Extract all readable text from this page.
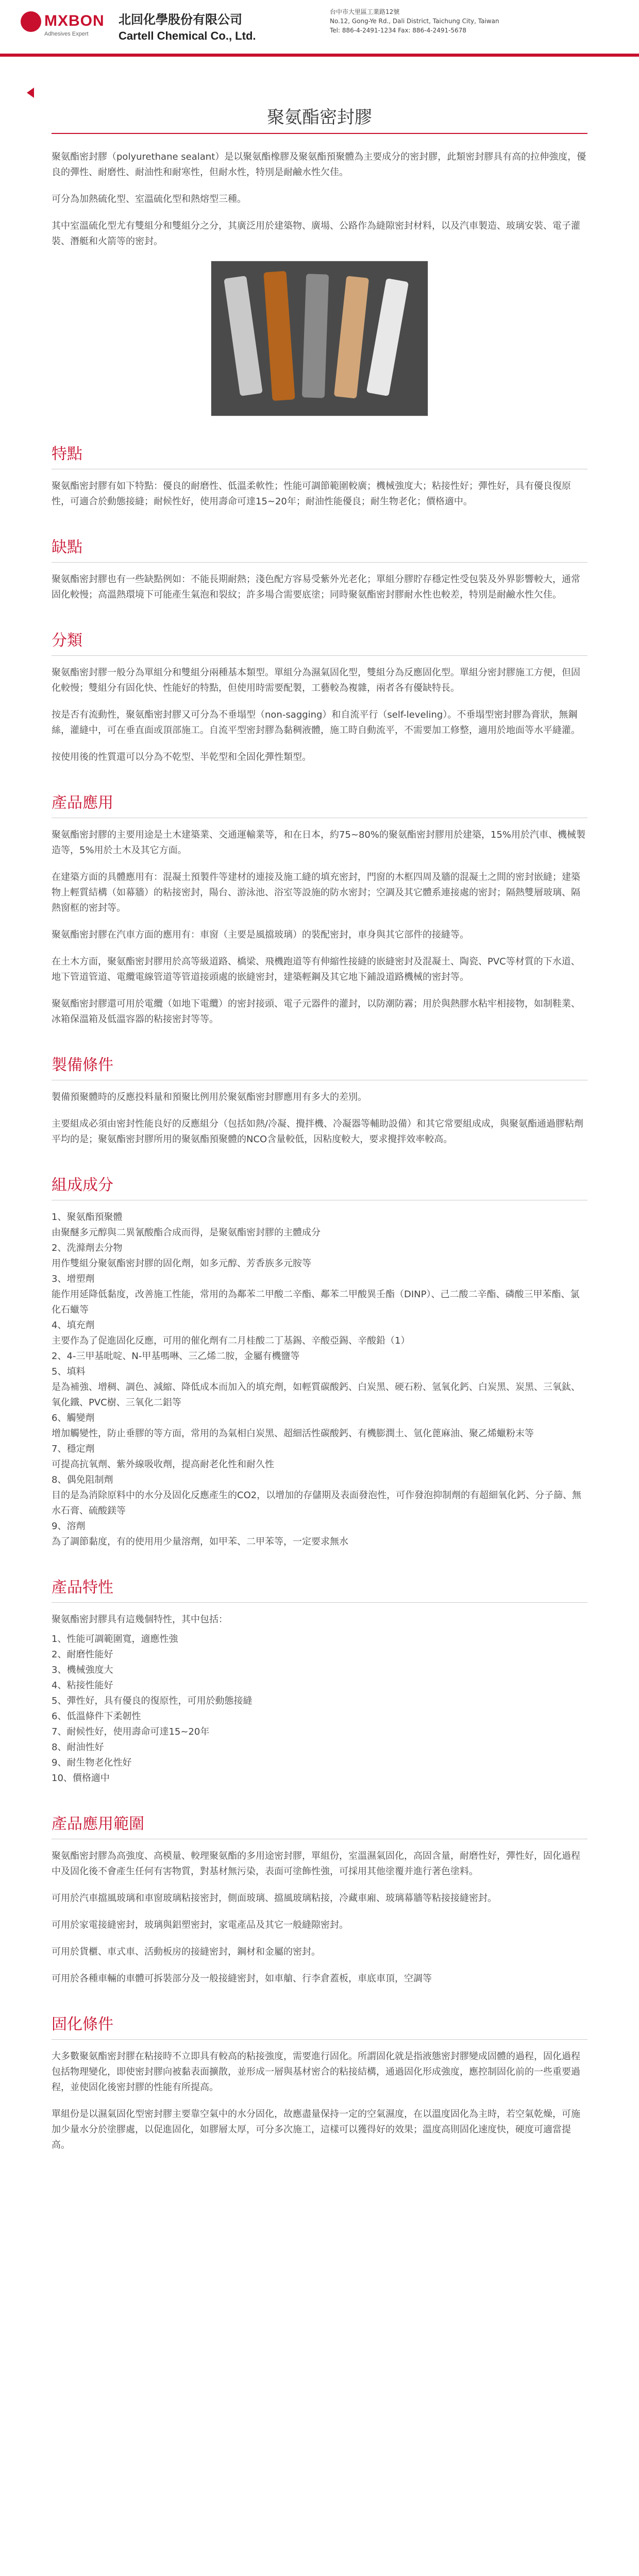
MXBON
Adhesives Expert
北回化學股份有限公司
Cartell Chemical Co., Ltd.
台中市大里區工業路12號
No.12, Gong-Ye Rd., Dali District, Taichung City, Taiwan
Tel: 886-4-2491-1234 Fax: 886-4-2491-5678
聚氨酯密封膠

聚氨酯密封膠（polyurethane sealant）是以聚氨酯橡膠及聚氨酯預聚體為主要成分的密封膠，此類密封膠具有高的拉伸強度，優良的彈性、耐磨性、耐油性和耐寒性，但耐水性，特別是耐鹼水性欠佳。

可分為加熱硫化型、室溫硫化型和熱熔型三種。

其中室溫硫化型尤有雙組分和雙組分之分，其廣泛用於建築物、廣場、公路作為縫隙密封材料，以及汽車製造、玻璃安裝、電子灌裝、潛艇和火箭等的密封。

特點

聚氨酯密封膠有如下特點：優良的耐磨性、低溫柔軟性；性能可調節範圍較廣；機械強度大；粘接性好；彈性好，具有優良復原性，可適合於動態接縫；耐候性好，使用壽命可達15~20年；耐油性能優良；耐生物老化；價格適中。

缺點

聚氨酯密封膠也有一些缺點例如：不能長期耐熱；淺色配方容易受紫外光老化；單組分膠貯存穩定性受包裝及外界影響較大，通常固化較慢；高溫熱環境下可能產生氣泡和裂紋；許多場合需要底塗；同時聚氨酯密封膠耐水性也較差，特別是耐鹼水性欠佳。

分類

聚氨酯密封膠一般分為單組分和雙組分兩種基本類型。單組分為濕氣固化型，雙組分為反應固化型。單組分密封膠施工方便，但固化較慢；雙組分有固化快、性能好的特點，但使用時需要配製，工藝較為複雜，兩者各有優缺特長。

按是否有流動性，聚氨酯密封膠又可分為不垂塌型（non-sagging）和自流平行（self-leveling）。不垂塌型密封膠為膏狀，無鋼絲，灌縫中，可在垂直面或頂部施工。自流平型密封膠為黏稠液體，施工時自動流平，不需要加工修整，適用於地面等水平縫灌。

按使用後的性質還可以分為不乾型、半乾型和全固化彈性類型。

產品應用

聚氨酯密封膠的主要用途是土木建築業、交通運輸業等，和在日本，約75~80%的聚氨酯密封膠用於建築，15%用於汽車、機械製造等，5%用於土木及其它方面。

在建築方面的具體應用有：混凝土預製件等建材的連接及施工縫的填充密封，門窗的木框四周及牆的混凝土之間的密封嵌縫；建築物上輕質結構（如幕牆）的粘接密封，陽台、游泳池、浴室等設施的防水密封；空調及其它體系連接處的密封；隔熱雙層玻璃、隔熱窗框的密封等。

聚氨酯密封膠在汽車方面的應用有：車窗（主要是風擋玻璃）的裝配密封，車身與其它部件的接縫等。

在土木方面，聚氨酯密封膠用於高等級道路、橋梁、飛機跑道等有伸縮性接縫的嵌縫密封及混凝土、陶瓷、PVC等材質的下水道、地下管道管道、電纜電線管道等管道接頭處的嵌縫密封，建築輕鋼及其它地下鋪設道路機械的密封等。

聚氨酯密封膠還可用於電纜（如地下電纜）的密封接頭、電子元器件的灌封，以防潮防霧；用於與熱膠水粘牢相接物，如制鞋業、冰箱保溫箱及低溫容器的粘接密封等等。

製備條件

製備預聚體時的反應投料量和預聚比例用於聚氨酯密封膠應用有多大的差別。

主要組成必須由密封性能良好的反應組分（包括如熱/冷凝、攪拌機、冷凝器等輔助設備）和其它常要組成成，與聚氨酯通過膠粘劑平均的是；聚氨酯密封膠所用的聚氨酯預聚體的NCO含量較低，因粘度較大，要求攪拌效率較高。

組成成分
1、聚氨酯預聚體
由聚醚多元醇與二異氰酸酯合成而得，是聚氨酯密封膠的主體成分
2、洗滌劑去分物
用作雙組分聚氨酯密封膠的固化劑，如多元醇、芳香族多元胺等
3、增塑劑
能作用延降低黏度，改善施工性能，常用的為鄰苯二甲酸二辛酯、鄰苯二甲酸異壬酯（DINP）、己二酸二辛酯、磷酸三甲苯酯、氯化石蠟等
4、填充劑
主要作為了促進固化反應，可用的催化劑有二月桂酸二丁基錫、辛酸亞錫、辛酸鉛（1）
2、4-三甲基吡啶、N-甲基嗎啉、三乙烯二胺，金屬有機鹽等
5、填料
是為補強、增稠、調色、減縮、降低成本而加入的填充劑，如輕質碳酸鈣、白炭黑、硬石粉、氫氧化鈣、白炭黑、炭黑、三氧鈦、氧化鐵、PVC樹、三氧化二鋁等
6、觸變劑
增加觸變性，防止垂膠的等方面，常用的為氣相白炭黑、超細活性碳酸鈣、有機膨潤土、氫化蓖麻油、聚乙烯蠟粉末等
7、穩定劑
可提高抗氧劑、紫外線吸收劑，提高耐老化性和耐久性
8、偶免阻制劑
目的是為消除原料中的水分及固化反應產生的CO2，以增加的存儲期及表面發泡性，可作發泡抑制劑的有超細氧化鈣、分子篩、無水石膏、硫酸鎂等
9、溶劑
為了調節黏度，有的使用用少量溶劑，如甲苯、二甲苯等，一定要求無水
產品特性

聚氨酯密封膠具有這幾個特性，其中包括：

1、性能可調範圍寬，適應性強
2、耐磨性能好
3、機械強度大
4、粘接性能好
5、彈性好，具有優良的復原性，可用於動態接縫
6、低溫條件下柔韌性
7、耐候性好，使用壽命可達15~20年
8、耐油性好
9、耐生物老化性好
10、價格適中
產品應用範圍

聚氨酯密封膠為高強度、高模量、較理聚氨酯的多用途密封膠，單組份，室溫濕氣固化，高固含量，耐磨性好，彈性好，固化過程中及固化後不會產生任何有害物質，對基材無污染，表面可塗飾性強，可採用其他塗覆并進行著色塗料。

可用於汽車擋風玻璃和車窗玻璃粘接密封，側面玻璃、擋風玻璃粘接，冷藏車廂、玻璃幕牆等粘接接縫密封。

可用於家電接縫密封，玻璃與鋁塑密封，家電產品及其它一般縫隙密封。

可用於貨櫃、車式車、活動板房的接縫密封，鋼材和金屬的密封。

可用於各種車輛的車體可拆裝部分及一般接縫密封，如車艙、行李倉蓋板，車底車頂，空調等

固化條件

大多數聚氨酯密封膠在粘接時不立即具有較高的粘接強度，需要進行固化。所謂固化就是指液態密封膠變成固體的過程，固化過程包括物理變化，即使密封膠向被黏表面擴散，並形成一層與基材密合的粘接結構，通過固化形成強度，應控制固化前的一些重要過程，並使固化後密封膠的性能有所提高。

單組份是以濕氣固化型密封膠主要靠空氣中的水分固化，故應盡量保持一定的空氣濕度，在以溫度固化為主時，若空氣乾燥，可施加少量水分於塗膠處，以促進固化，如膠層太厚，可分多次施工，這樣可以獲得好的效果；溫度高則固化速度快，硬度可適當提高。
